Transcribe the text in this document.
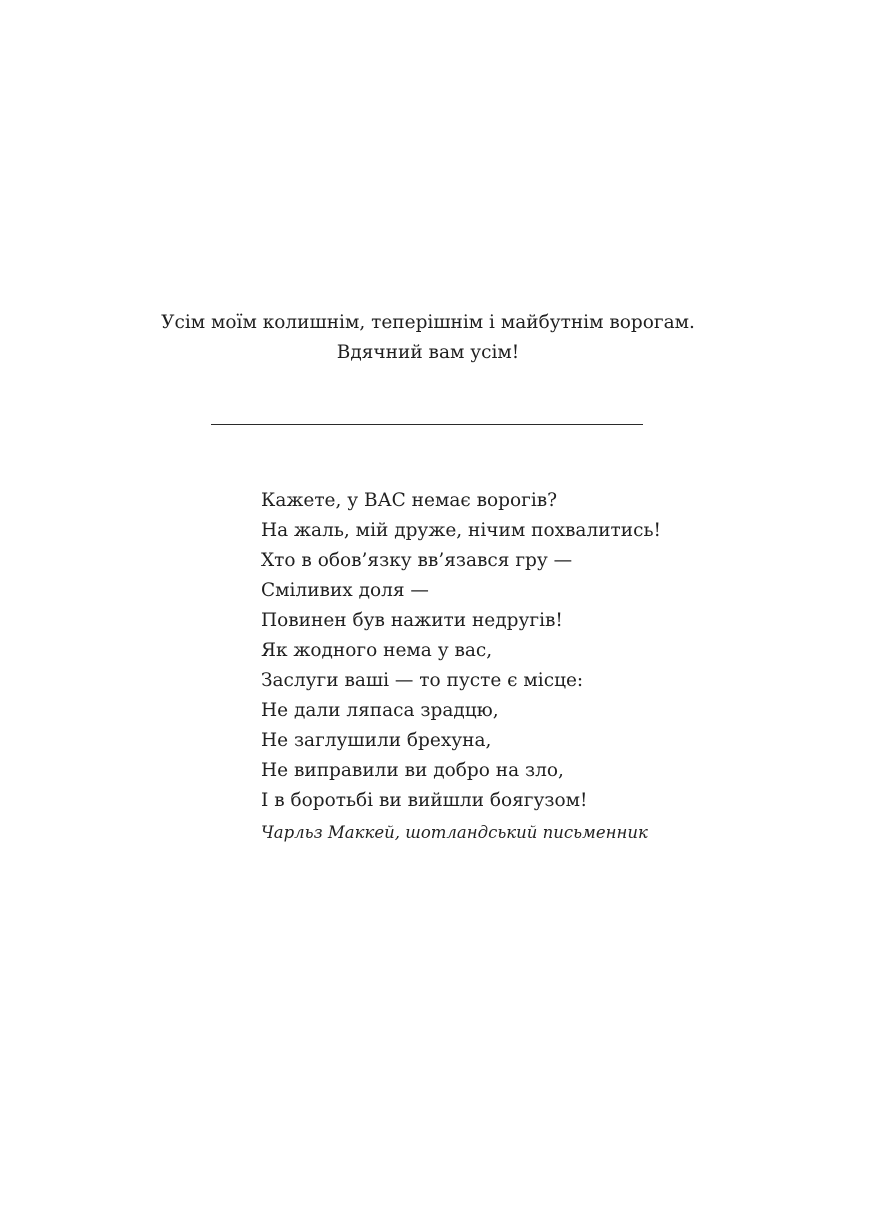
Усім моїм колишнім, теперішнім і майбутнім ворогам.

Вдячний вам усім!

Кажете, у ВАС немає ворогів?
На жаль, мій друже, нічим похвалитись!
Хто в обов’язку вв’язався гру —
Сміливих доля —
Повинен був нажити недругів!
Як жодного нема у вас,
Заслуги ваші — то пусте є місце:
Не дали ляпаса зрадцю,
Не заглушили брехуна,
Не виправили ви добро на зло,
І в боротьбі ви вийшли боягузом!
Чарльз Маккей, шотландський письменник
